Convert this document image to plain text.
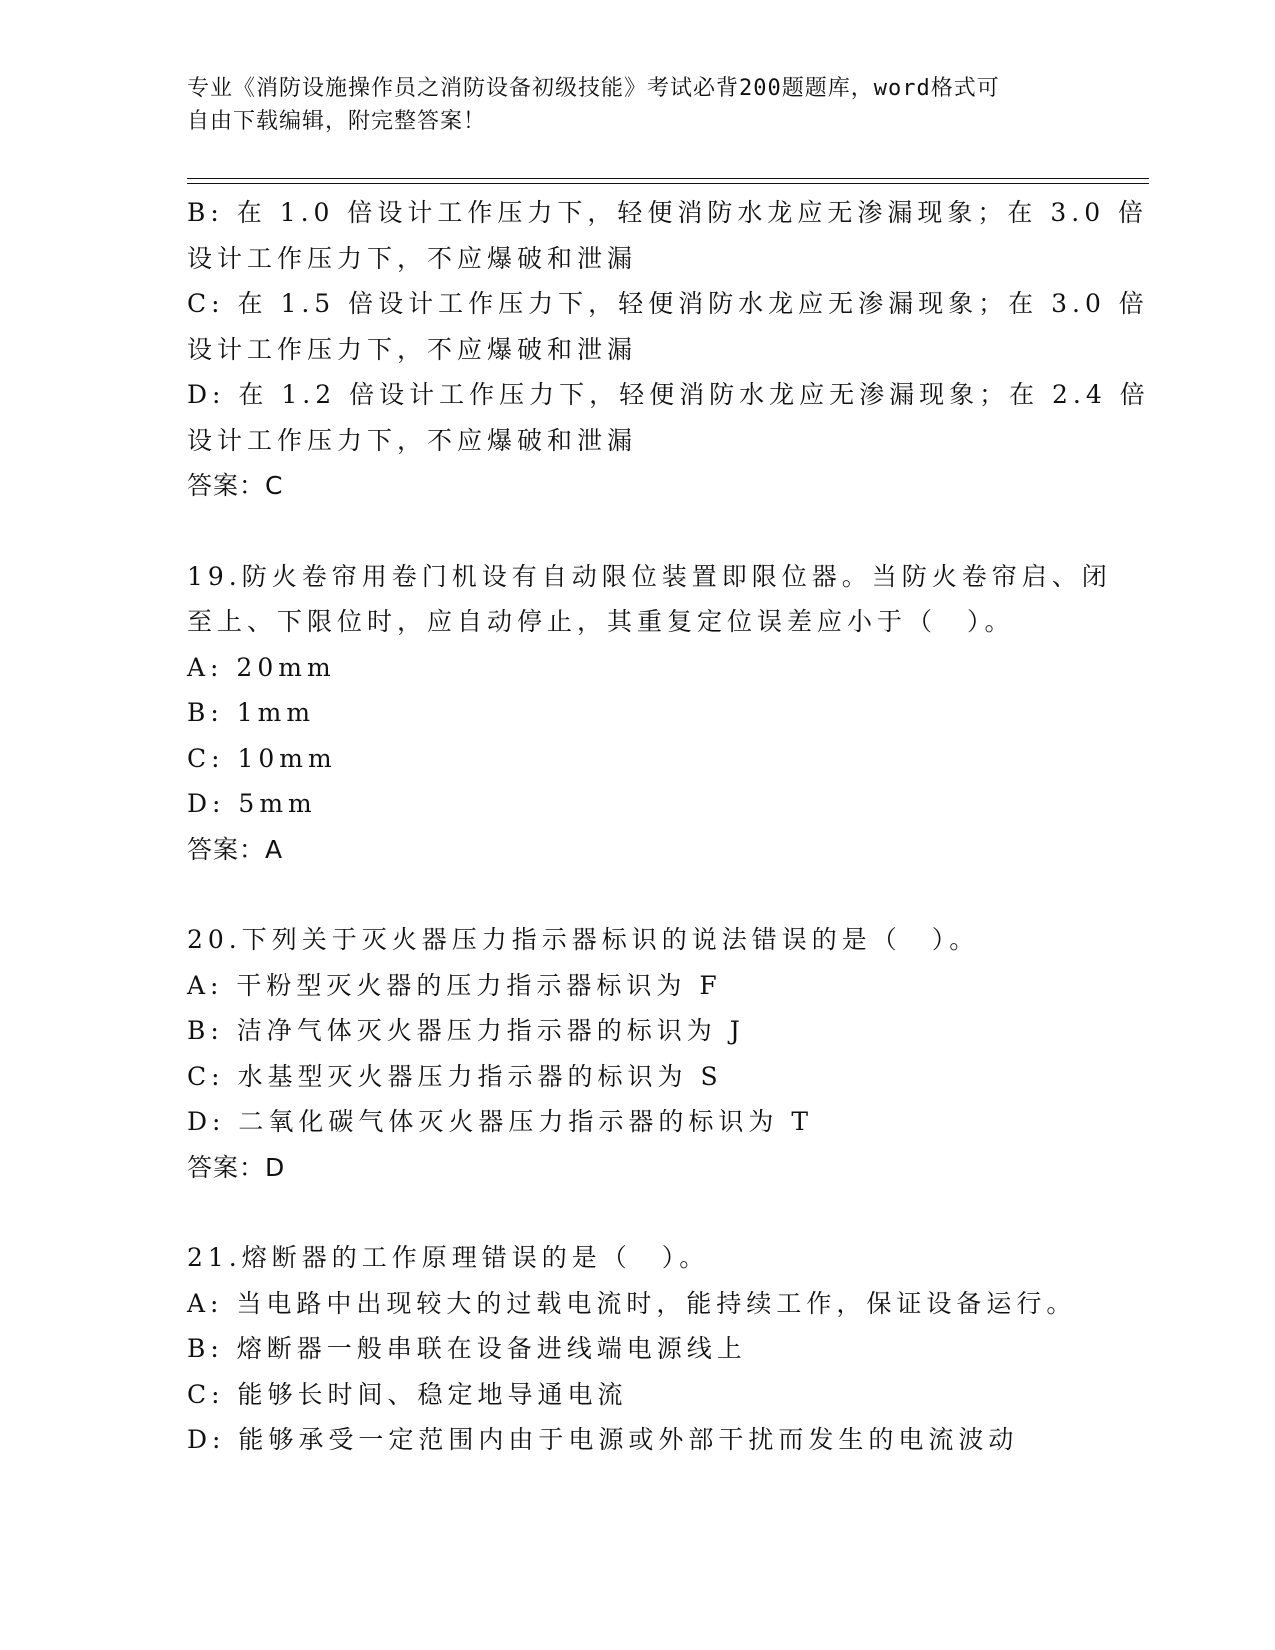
专业《消防设施操作员之消防设备初级技能》考试必背200题题库，word格式可
自由下载编辑，附完整答案！
B: 在 1.0 倍设计工作压力下，轻便消防水龙应无渗漏现象；在 3.0 倍
设计工作压力下，不应爆破和泄漏
C: 在 1.5 倍设计工作压力下，轻便消防水龙应无渗漏现象；在 3.0 倍
设计工作压力下，不应爆破和泄漏
D: 在 1.2 倍设计工作压力下，轻便消防水龙应无渗漏现象；在 2.4 倍
设计工作压力下，不应爆破和泄漏
答案：C
19.防火卷帘用卷门机设有自动限位装置即限位器。当防火卷帘启、闭
至上、下限位时，应自动停止，其重复定位误差应小于（　）。
A: 20mm
B: 1mm
C: 10mm
D: 5mm
答案：A
20.下列关于灭火器压力指示器标识的说法错误的是（　）。
A: 干粉型灭火器的压力指示器标识为 F
B: 洁净气体灭火器压力指示器的标识为 J
C: 水基型灭火器压力指示器的标识为 S
D: 二氧化碳气体灭火器压力指示器的标识为 T
答案：D
21.熔断器的工作原理错误的是（　）。
A: 当电路中出现较大的过载电流时，能持续工作，保证设备运行。
B: 熔断器一般串联在设备进线端电源线上
C: 能够长时间、稳定地导通电流
D: 能够承受一定范围内由于电源或外部干扰而发生的电流波动
